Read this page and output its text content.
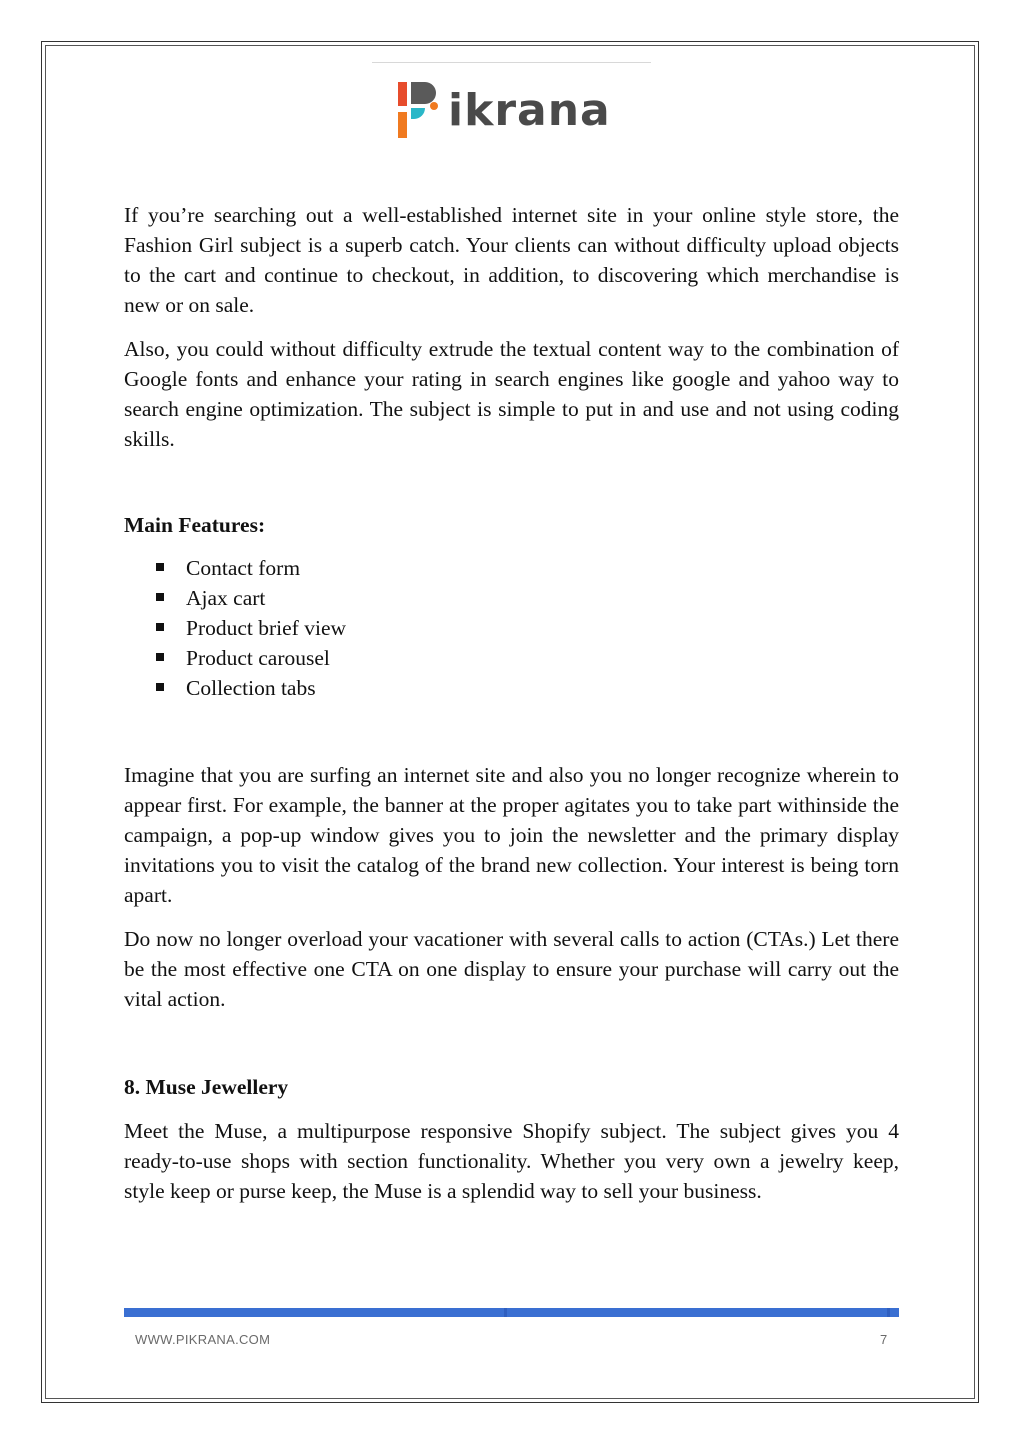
ikrana

If you’re searching out a well-established internet site in your online style store, the Fashion Girl subject is a superb catch. Your clients can without difficulty upload objects to the cart and continue to checkout, in addition, to discovering which merchandise is new or on sale.

Also, you could without difficulty extrude the textual content way to the combination of Google fonts and enhance your rating in search engines like google and yahoo way to search engine optimization. The subject is simple to put in and use and not using coding skills.

Main Features:

Contact form
Ajax cart
Product brief view
Product carousel
Collection tabs

Imagine that you are surfing an internet site and also you no longer recognize wherein to appear first. For example, the banner at the proper agitates you to take part withinside the campaign, a pop-up window gives you to join the newsletter and the primary display invitations you to visit the catalog of the brand new collection. Your interest is being torn apart.

Do now no longer overload your vacationer with several calls to action (CTAs.) Let there be the most effective one CTA on one display to ensure your purchase will carry out the vital action.

8. Muse Jewellery

Meet the Muse, a multipurpose responsive Shopify subject. The subject gives you 4 ready-to-use shops with section functionality. Whether you very own a jewelry keep, style keep or purse keep, the Muse is a splendid way to sell your business.

WWW.PIKRANA.COM	7
